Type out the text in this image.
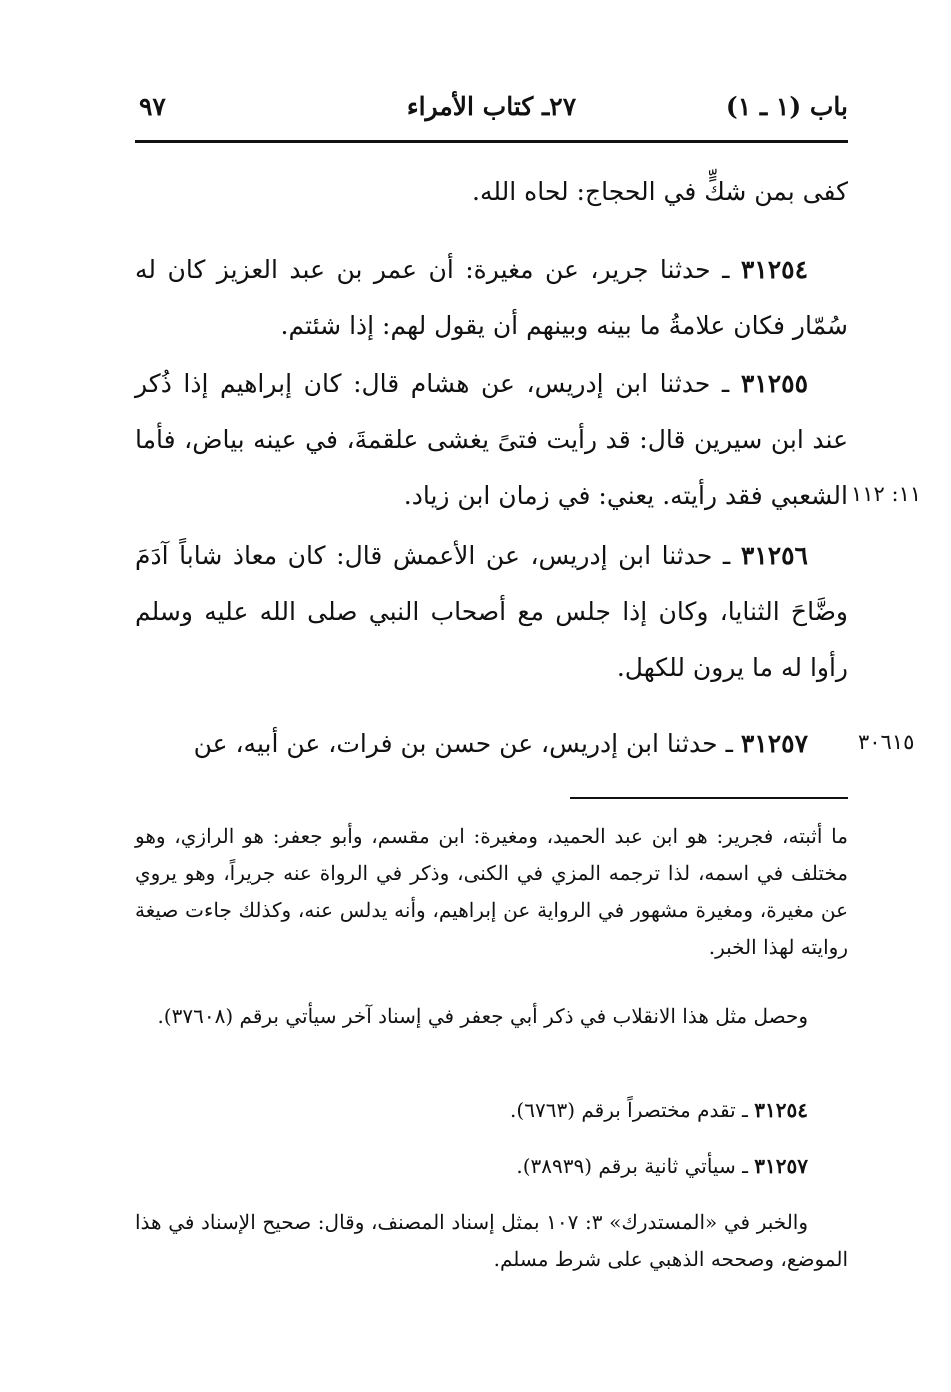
باب (١ ـ ١)
٢٧ـ كتاب الأمراء
٩٧
كفى بمن شكٍّ في الحجاج: لحاه الله.
٣١٢٥٤ ـ حدثنا جرير، عن مغيرة: أن عمر بن عبد العزيز كان له سُمّار فكان علامةُ ما بينه وبينهم أن يقول لهم: إذا شئتم.
٣١٢٥٥ ـ حدثنا ابن إدريس، عن هشام قال: كان إبراهيم إذا ذُكر عند ابن سيرين قال: قد رأيت فتىً يغشى علقمةَ، في عينه بياض، فأما الشعبي فقد رأيته. يعني: في زمان ابن زياد. ١١: ١١٢
٣١٢٥٦ ـ حدثنا ابن إدريس، عن الأعمش قال: كان معاذ شاباً آدَمَ وضَّاحَ الثنايا، وكان إذا جلس مع أصحاب النبي صلى الله عليه وسلم رأوا له ما يرون للكهل.
٣١٢٥٧ ـ حدثنا ابن إدريس، عن حسن بن فرات، عن أبيه، عن	٣٠٦١٥
ما أثبته، فجرير: هو ابن عبد الحميد، ومغيرة: ابن مقسم، وأبو جعفر: هو الرازي، وهو مختلف في اسمه، لذا ترجمه المزي في الكنى، وذكر في الرواة عنه جريراً، وهو يروي عن مغيرة، ومغيرة مشهور في الرواية عن إبراهيم، وأنه يدلس عنه، وكذلك جاءت صيغة روايته لهذا الخبر.
وحصل مثل هذا الانقلاب في ذكر أبي جعفر في إسناد آخر سيأتي برقم (٣٧٦٠٨).
٣١٢٥٤ ـ تقدم مختصراً برقم (٦٧٦٣).
٣١٢٥٧ ـ سيأتي ثانية برقم (٣٨٩٣٩).
والخبر في «المستدرك» ٣: ١٠٧ بمثل إسناد المصنف، وقال: صحيح الإسناد في هذا الموضع، وصححه الذهبي على شرط مسلم.
